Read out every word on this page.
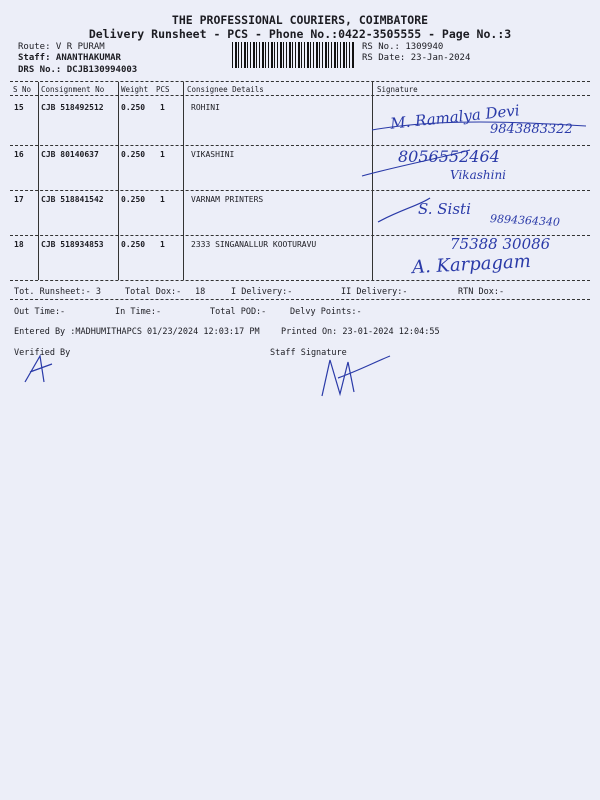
THE PROFESSIONAL COURIERS, COIMBATORE
Delivery Runsheet - PCS - Phone No.:0422-3505555 - Page No.:3
Route: V R PURAM
Staff: ANANTHAKUMAR
DRS No.: DCJB130994003
RS No.: 1309940
RS Date: 23-Jan-2024
S No Consignment No Weight PCS Consignee Details	Signature
15 CJB 518492512 0.250 1	ROHINI	M. Ramalya Devi
9843883322
16 CJB 80140637	0.250 1	VIKASHINI	8056552464
Vikashini
17 CJB 518841542 0.250 1	VARNAM PRINTERS
S. Sisti
9894364340
18 CJB 518934853 0.250 1	2333 SINGANALLUR KOOTURAVU	75388 30086
A. Karpagam
Tot. Runsheet:- 3	Total Dox:- 18	I Delivery:-	II Delivery:-	RTN Dox:-
Out Time:-	In Time:-	Total POD:-	Delvy Points:-
Entered By :MADHUMITHAPCS 01/23/2024 12:03:17 PM	Printed On: 23-01-2024 12:04:55
Verified By	Staff Signature
